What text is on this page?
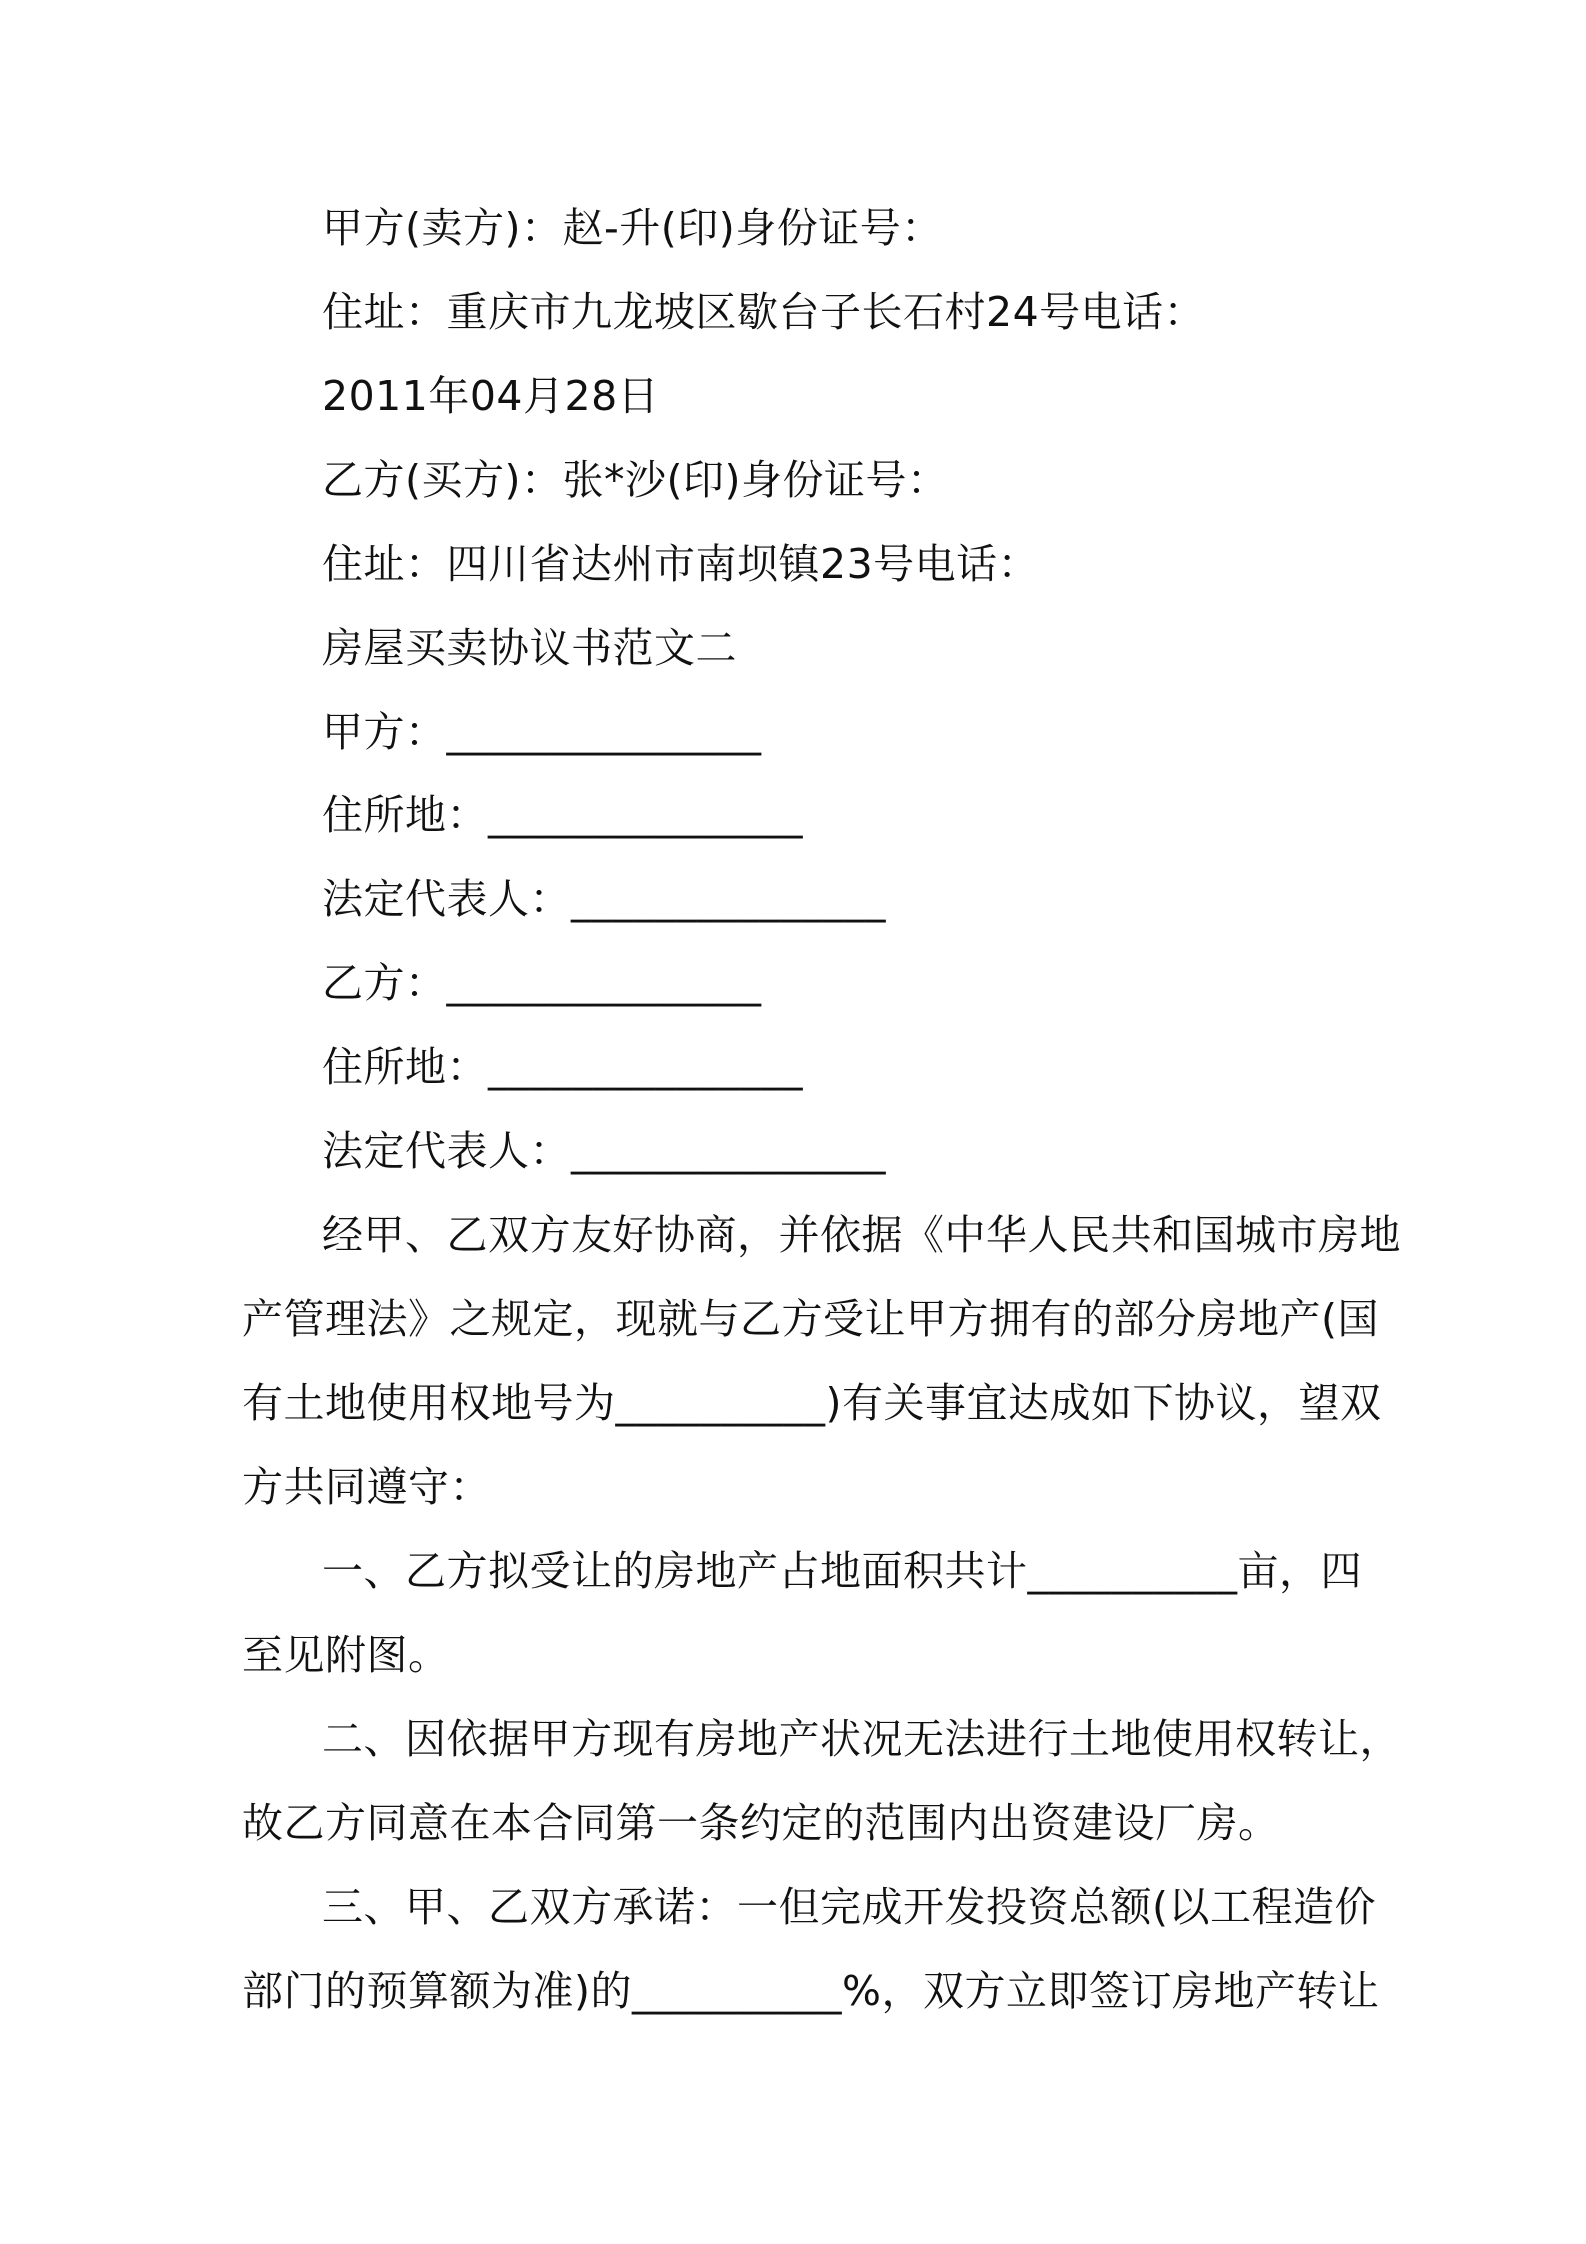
甲方(卖方)：赵-升(印)身份证号：
住址：重庆市九龙坡区歇台子长石村24号电话：
2011年04月28日
乙方(买方)：张*沙(印)身份证号：
住址：四川省达州市南坝镇23号电话：
房屋买卖协议书范文二
甲方：_______________
住所地：_______________
法定代表人：_______________
乙方：_______________
住所地：_______________
法定代表人：_______________
经甲、乙双方友好协商，并依据《中华人民共和国城市房地
产管理法》之规定，现就与乙方受让甲方拥有的部分房地产(国
有土地使用权地号为__________)有关事宜达成如下协议，望双
方共同遵守：
一、乙方拟受让的房地产占地面积共计__________亩，四
至见附图。
二、因依据甲方现有房地产状况无法进行土地使用权转让，
故乙方同意在本合同第一条约定的范围内出资建设厂房。
三、甲、乙双方承诺：一但完成开发投资总额(以工程造价
部门的预算额为准)的__________%，双方立即签订房地产转让
